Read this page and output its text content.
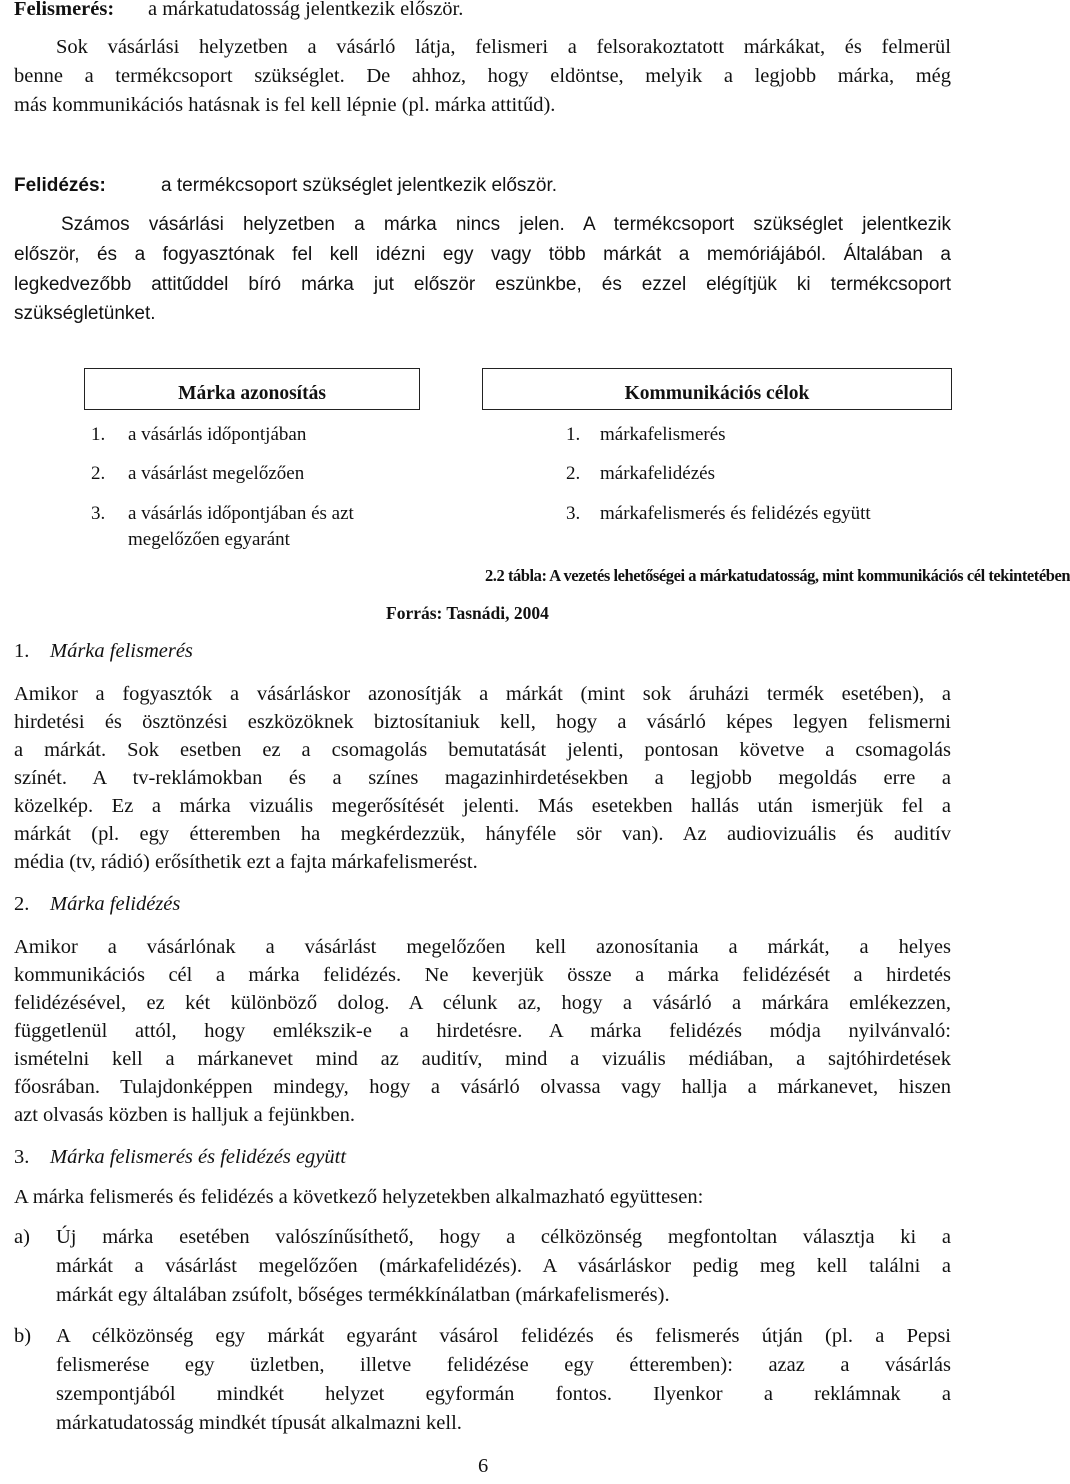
Felismerés: a márkatudatosság jelentkezik először.
Sok vásárlási helyzetben a vásárló látja, felismeri a felsorakoztatott márkákat, és felmerül
benne a termékcsoport szükséglet. De ahhoz, hogy eldöntse, melyik a legjobb márka, még
más kommunikációs hatásnak is fel kell lépnie (pl. márka attitűd).
Felidézés:	a termékcsoport szükséglet jelentkezik először.
Számos vásárlási helyzetben a márka nincs jelen. A termékcsoport szükséglet jelentkezik
először, és a fogyasztónak fel kell idézni egy vagy több márkát a memóriájából. Általában a
legkedvezőbb attitűddel bíró márka jut először eszünkbe, és ezzel elégítjük ki termékcsoport
szükségletünket.
Márka azonosítás	Kommunikációs célok
1. a vásárlás időpontjában
2. a vásárlást megelőzően
3. a vásárlás időpontjában és azt
megelőzően egyaránt
1. márkafelismerés
2. márkafelidézés
3. márkafelismerés és felidézés együtt
2.2 tábla: A vezetés lehetőségei a márkatudatosság, mint kommunikációs cél tekintetében
Forrás: Tasnádi, 2004
1. Márka felismerés
Amikor a fogyasztók a vásárláskor azonosítják a márkát (mint sok áruházi termék esetében), a
hirdetési és ösztönzési eszközöknek biztosítaniuk kell, hogy a vásárló képes legyen felismerni
a márkát. Sok esetben ez a csomagolás bemutatását jelenti, pontosan követve a csomagolás
színét. A tv-reklámokban és a színes magazinhirdetésekben a legjobb megoldás erre a
közelkép. Ez a márka vizuális megerősítését jelenti. Más esetekben hallás után ismerjük fel a
márkát (pl. egy étteremben ha megkérdezzük, hányféle sör van). Az audiovizuális és auditív
média (tv, rádió) erősíthetik ezt a fajta márkafelismerést.
2. Márka felidézés
Amikor a vásárlónak a vásárlást megelőzően kell azonosítania a márkát, a helyes
kommunikációs cél a márka felidézés. Ne keverjük össze a márka felidézését a hirdetés
felidézésével, ez két különböző dolog. A célunk az, hogy a vásárló a márkára emlékezzen,
függetlenül attól, hogy emlékszik-e a hirdetésre. A márka felidézés módja nyilvánvaló:
ismételni kell a márkanevet mind az auditív, mind a vizuális médiában, a sajtóhirdetések
főosrában. Tulajdonképpen mindegy, hogy a vásárló olvassa vagy hallja a márkanevet, hiszen
azt olvasás közben is halljuk a fejünkben.
3. Márka felismerés és felidézés együtt
A márka felismerés és felidézés a következő helyzetekben alkalmazható együttesen:
a) Új márka esetében valószínűsíthető, hogy a célközönség megfontoltan választja ki a
márkát a vásárlást megelőzően (márkafelidézés). A vásárláskor pedig meg kell találni a
márkát egy általában zsúfolt, bőséges termékkínálatban (márkafelismerés).
b) A célközönség egy márkát egyaránt vásárol felidézés és felismerés útján (pl. a Pepsi
felismerése egy üzletben, illetve felidézése egy étteremben): azaz a vásárlás
szempontjából mindkét helyzet egyformán fontos. Ilyenkor a reklámnak a
márkatudatosság mindkét típusát alkalmazni kell.
6
